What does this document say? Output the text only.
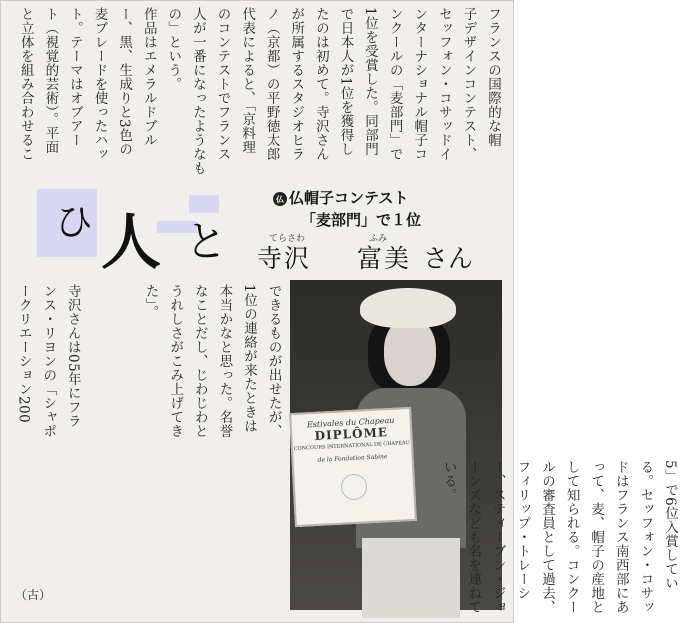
フランスの国際的な帽
子デザインコンテスト、
セッフォン・コサッドイ
ンターナショナル帽子コ
ンクールの「麦部門」で
1位を受賞した。同部門
で日本人が1位を獲得し
たのは初めて。寺沢さん
が所属するスタジオヒラ
ノ（京都）の平野徳太郎
代表によると、「京料理
のコンテストでフランス
人が一番になったようなも
の」という。
作品はエメラルドブル
ー、黒、生成りと3色の
麦ブレードを使ったハッ
ト。テーマはオブアー
ト（視覚的芸術）。平面
と立体を組み合わせるこ
ひ 人 と
仏 仏帽子コンテスト
「麦部門」で１位
てらさわ	ふみ
寺沢 富美 さん
寺沢さんは05年にフラ
ンス・リヨンの「シャポ
ークリエーション200	

できるものが出せたが、
1位の連絡が来たときは
本当かなと思った。名誉
なことだし、じわじわと
うれしさがこみ上げてき
た」。
Estivales du Chapeau
DIPLÔME
CONCOURS INTERNATIONAL DE CHAPEAU
de la Fondation Sabine
5」で6位入賞してい
る。セッフォン・コサッ
ドはフランス南西部にあ
って、麦、帽子の産地と
して知られる。コンクー
ルの審査員として過去、
フィリップ・トレーシ
ー、スティーブン・ジョ
ーンズなども名を連ねて
いる。
（古）
